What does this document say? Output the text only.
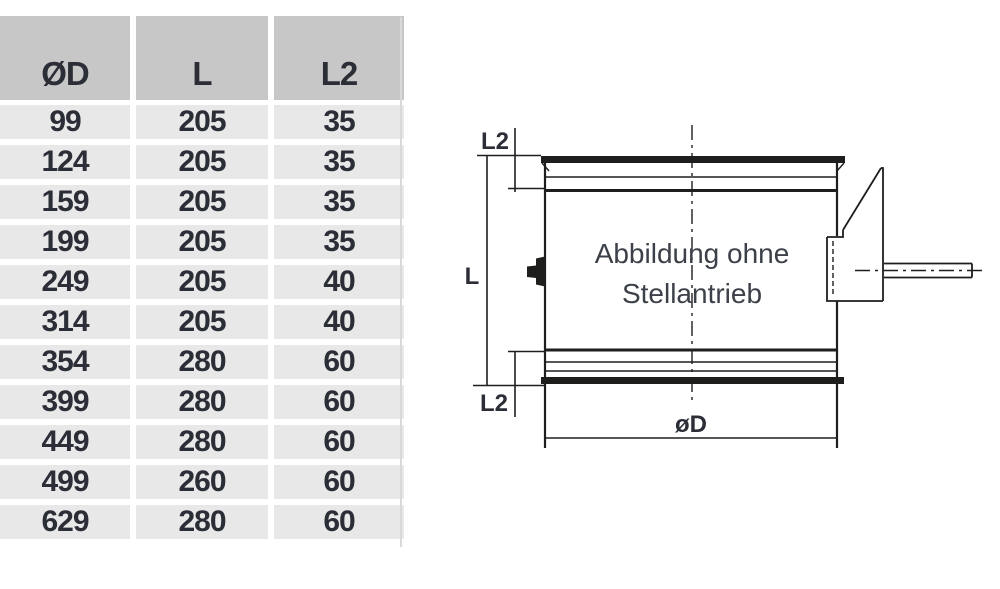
ØD	L	L2
99	205	35
124	205	35
159	205	35
199	205	35
249	205	40
314	205	40
354	280	60
399	280	60
449	280	60
499	260	60
629	280	60
L2
L
L2
øD
Abbildung ohne
Stellantrieb
